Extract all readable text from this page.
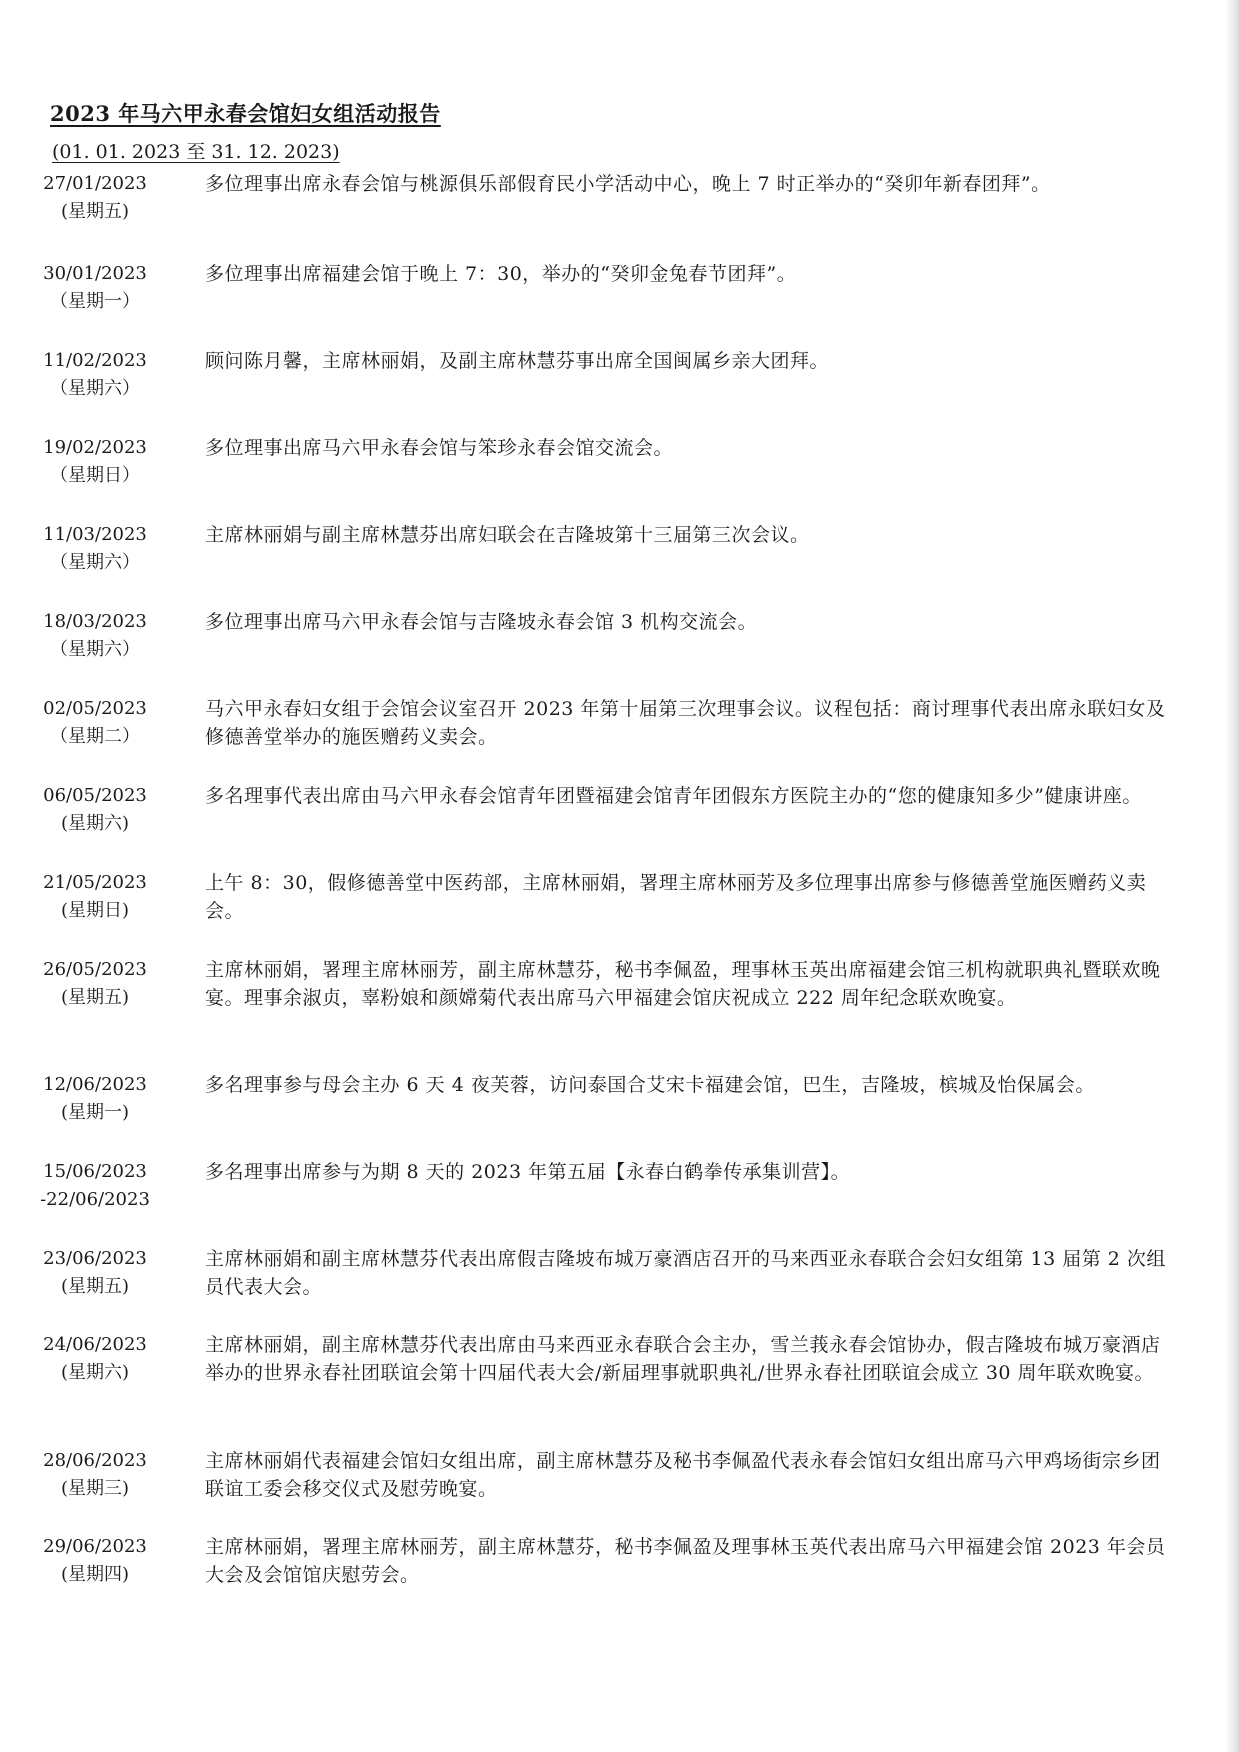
2023 年马六甲永春会馆妇女组活动报告
(01. 01. 2023 至 31. 12. 2023)
27/01/2023
(星期五)
多位理事出席永春会馆与桃源俱乐部假育民小学活动中心，晚上 7 时正举办的“癸卯年新春团拜”。
30/01/2023
（星期一）
多位理事出席福建会馆于晚上 7：30，举办的“癸卯金兔春节团拜”。
11/02/2023
（星期六）
顾问陈月馨，主席林丽娟，及副主席林慧芬事出席全国闽属乡亲大团拜。
19/02/2023
（星期日）
多位理事出席马六甲永春会馆与笨珍永春会馆交流会。
11/03/2023
（星期六）
主席林丽娟与副主席林慧芬出席妇联会在吉隆坡第十三届第三次会议。
18/03/2023
（星期六）
多位理事出席马六甲永春会馆与吉隆坡永春会馆 3 机构交流会。
02/05/2023
（星期二）
马六甲永春妇女组于会馆会议室召开 2023 年第十届第三次理事会议。议程包括：商讨理事代表出席永联妇女及修德善堂举办的施医赠药义卖会。
06/05/2023
(星期六)
多名理事代表出席由马六甲永春会馆青年团暨福建会馆青年团假东方医院主办的“您的健康知多少”健康讲座。
21/05/2023
(星期日)
上午 8：30，假修德善堂中医药部，主席林丽娟，署理主席林丽芳及多位理事出席参与修德善堂施医赠药义卖会。
26/05/2023
(星期五)
主席林丽娟，署理主席林丽芳，副主席林慧芬，秘书李佩盈，理事林玉英出席福建会馆三机构就职典礼暨联欢晚宴。理事余淑贞，辜粉娘和颜嫦菊代表出席马六甲福建会馆庆祝成立 222 周年纪念联欢晚宴。
12/06/2023
(星期一)
多名理事参与母会主办 6 天 4 夜芙蓉，访问泰国合艾宋卡福建会馆，巴生，吉隆坡，槟城及怡保属会。
15/06/2023
-22/06/2023
多名理事出席参与为期 8 天的 2023 年第五届【永春白鹤拳传承集训营】。
23/06/2023
(星期五)
主席林丽娟和副主席林慧芬代表出席假吉隆坡布城万豪酒店召开的马来西亚永春联合会妇女组第 13 届第 2 次组员代表大会。
24/06/2023
(星期六)
主席林丽娟，副主席林慧芬代表出席由马来西亚永春联合会主办，雪兰莪永春会馆协办，假吉隆坡布城万豪酒店举办的世界永春社团联谊会第十四届代表大会/新届理事就职典礼/世界永春社团联谊会成立 30 周年联欢晚宴。
28/06/2023
(星期三)
主席林丽娟代表福建会馆妇女组出席，副主席林慧芬及秘书李佩盈代表永春会馆妇女组出席马六甲鸡场街宗乡团联谊工委会移交仪式及慰劳晚宴。
29/06/2023
(星期四)
主席林丽娟，署理主席林丽芳，副主席林慧芬，秘书李佩盈及理事林玉英代表出席马六甲福建会馆 2023 年会员大会及会馆馆庆慰劳会。
